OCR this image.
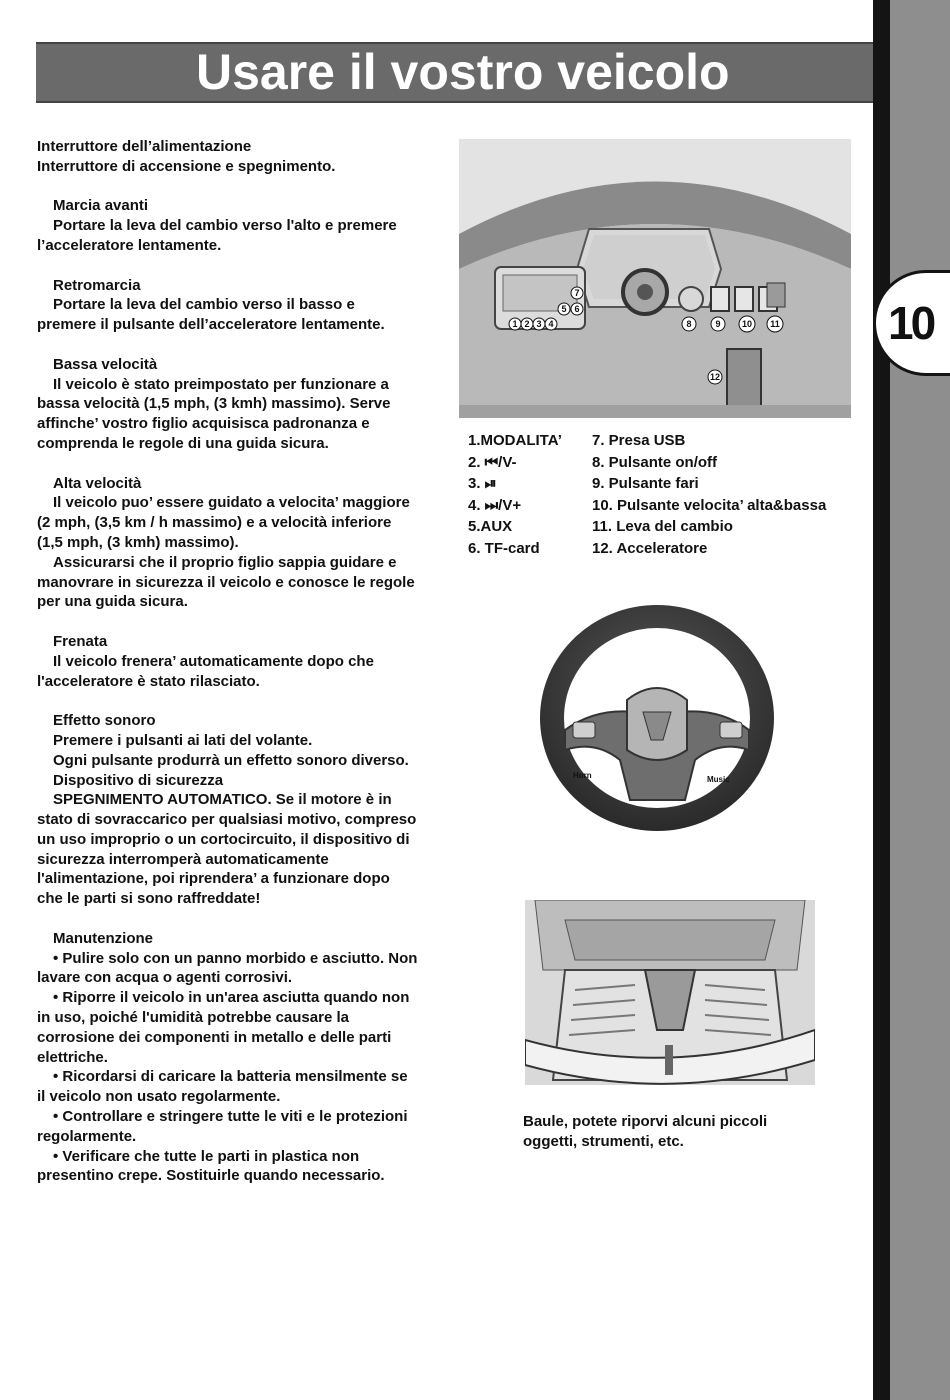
10
Usare il vostro veicolo

Interruttore dell’alimentazione

Interruttore di accensione e spegnimento.

Marcia avanti

Portare la leva del cambio verso l'alto e premere

l’acceleratore lentamente.

Retromarcia

Portare la leva del cambio verso il basso e

premere il pulsante dell’acceleratore lentamente.

Bassa velocità

Il veicolo è stato preimpostato per funzionare a

bassa velocità (1,5 mph, (3 kmh) massimo). Serve

affinche’ vostro figlio acquisisca padronanza e

comprenda le regole di una guida sicura.

Alta velocità

Il veicolo puo’ essere guidato a velocita’ maggiore

(2 mph, (3,5 km / h massimo) e a velocità inferiore

(1,5 mph, (3 kmh) massimo).

Assicurarsi che il proprio figlio sappia guidare e

manovrare in sicurezza il veicolo e conosce le regole

per una guida sicura.

Frenata

Il veicolo frenera’ automaticamente dopo che

l'acceleratore è stato rilasciato.

Effetto sonoro

Premere i pulsanti ai lati del volante.

Ogni pulsante produrrà un effetto sonoro diverso.

Dispositivo di sicurezza

SPEGNIMENTO AUTOMATICO. Se il motore è in

stato di sovraccarico per qualsiasi motivo, compreso

un uso improprio o un cortocircuito, il dispositivo di

sicurezza interromperà automaticamente

l'alimentazione, poi riprendera’ a funzionare dopo

che le parti si sono raffreddate!

Manutenzione

• Pulire solo con un panno morbido e asciutto. Non

lavare con acqua o agenti corrosivi.

• Riporre il veicolo in un'area asciutta quando non

in uso, poiché l'umidità potrebbe causare la

corrosione dei componenti in metallo e delle parti

elettriche.

• Ricordarsi di caricare la batteria mensilmente se

il veicolo non usato regolarmente.

• Controllare e stringere tutte le viti e le protezioni

regolarmente.

• Verificare che tutte le parti in plastica non

presentino crepe. Sostituirle quando necessario.

1 2 3 4
5 6
7
8	9 10 11
12
1.MODALITA’
2. ⏮/V-
3. ⏯
4. ⏭/V+
5.AUX
6. TF-card
7. Presa USB
8. Pulsante on/off
9. Pulsante fari
10. Pulsante velocita’ alta&bassa
11. Leva del cambio
12. Acceleratore
Horn	Music
Baule, potete riporvi alcuni piccoli
oggetti, strumenti, etc.
